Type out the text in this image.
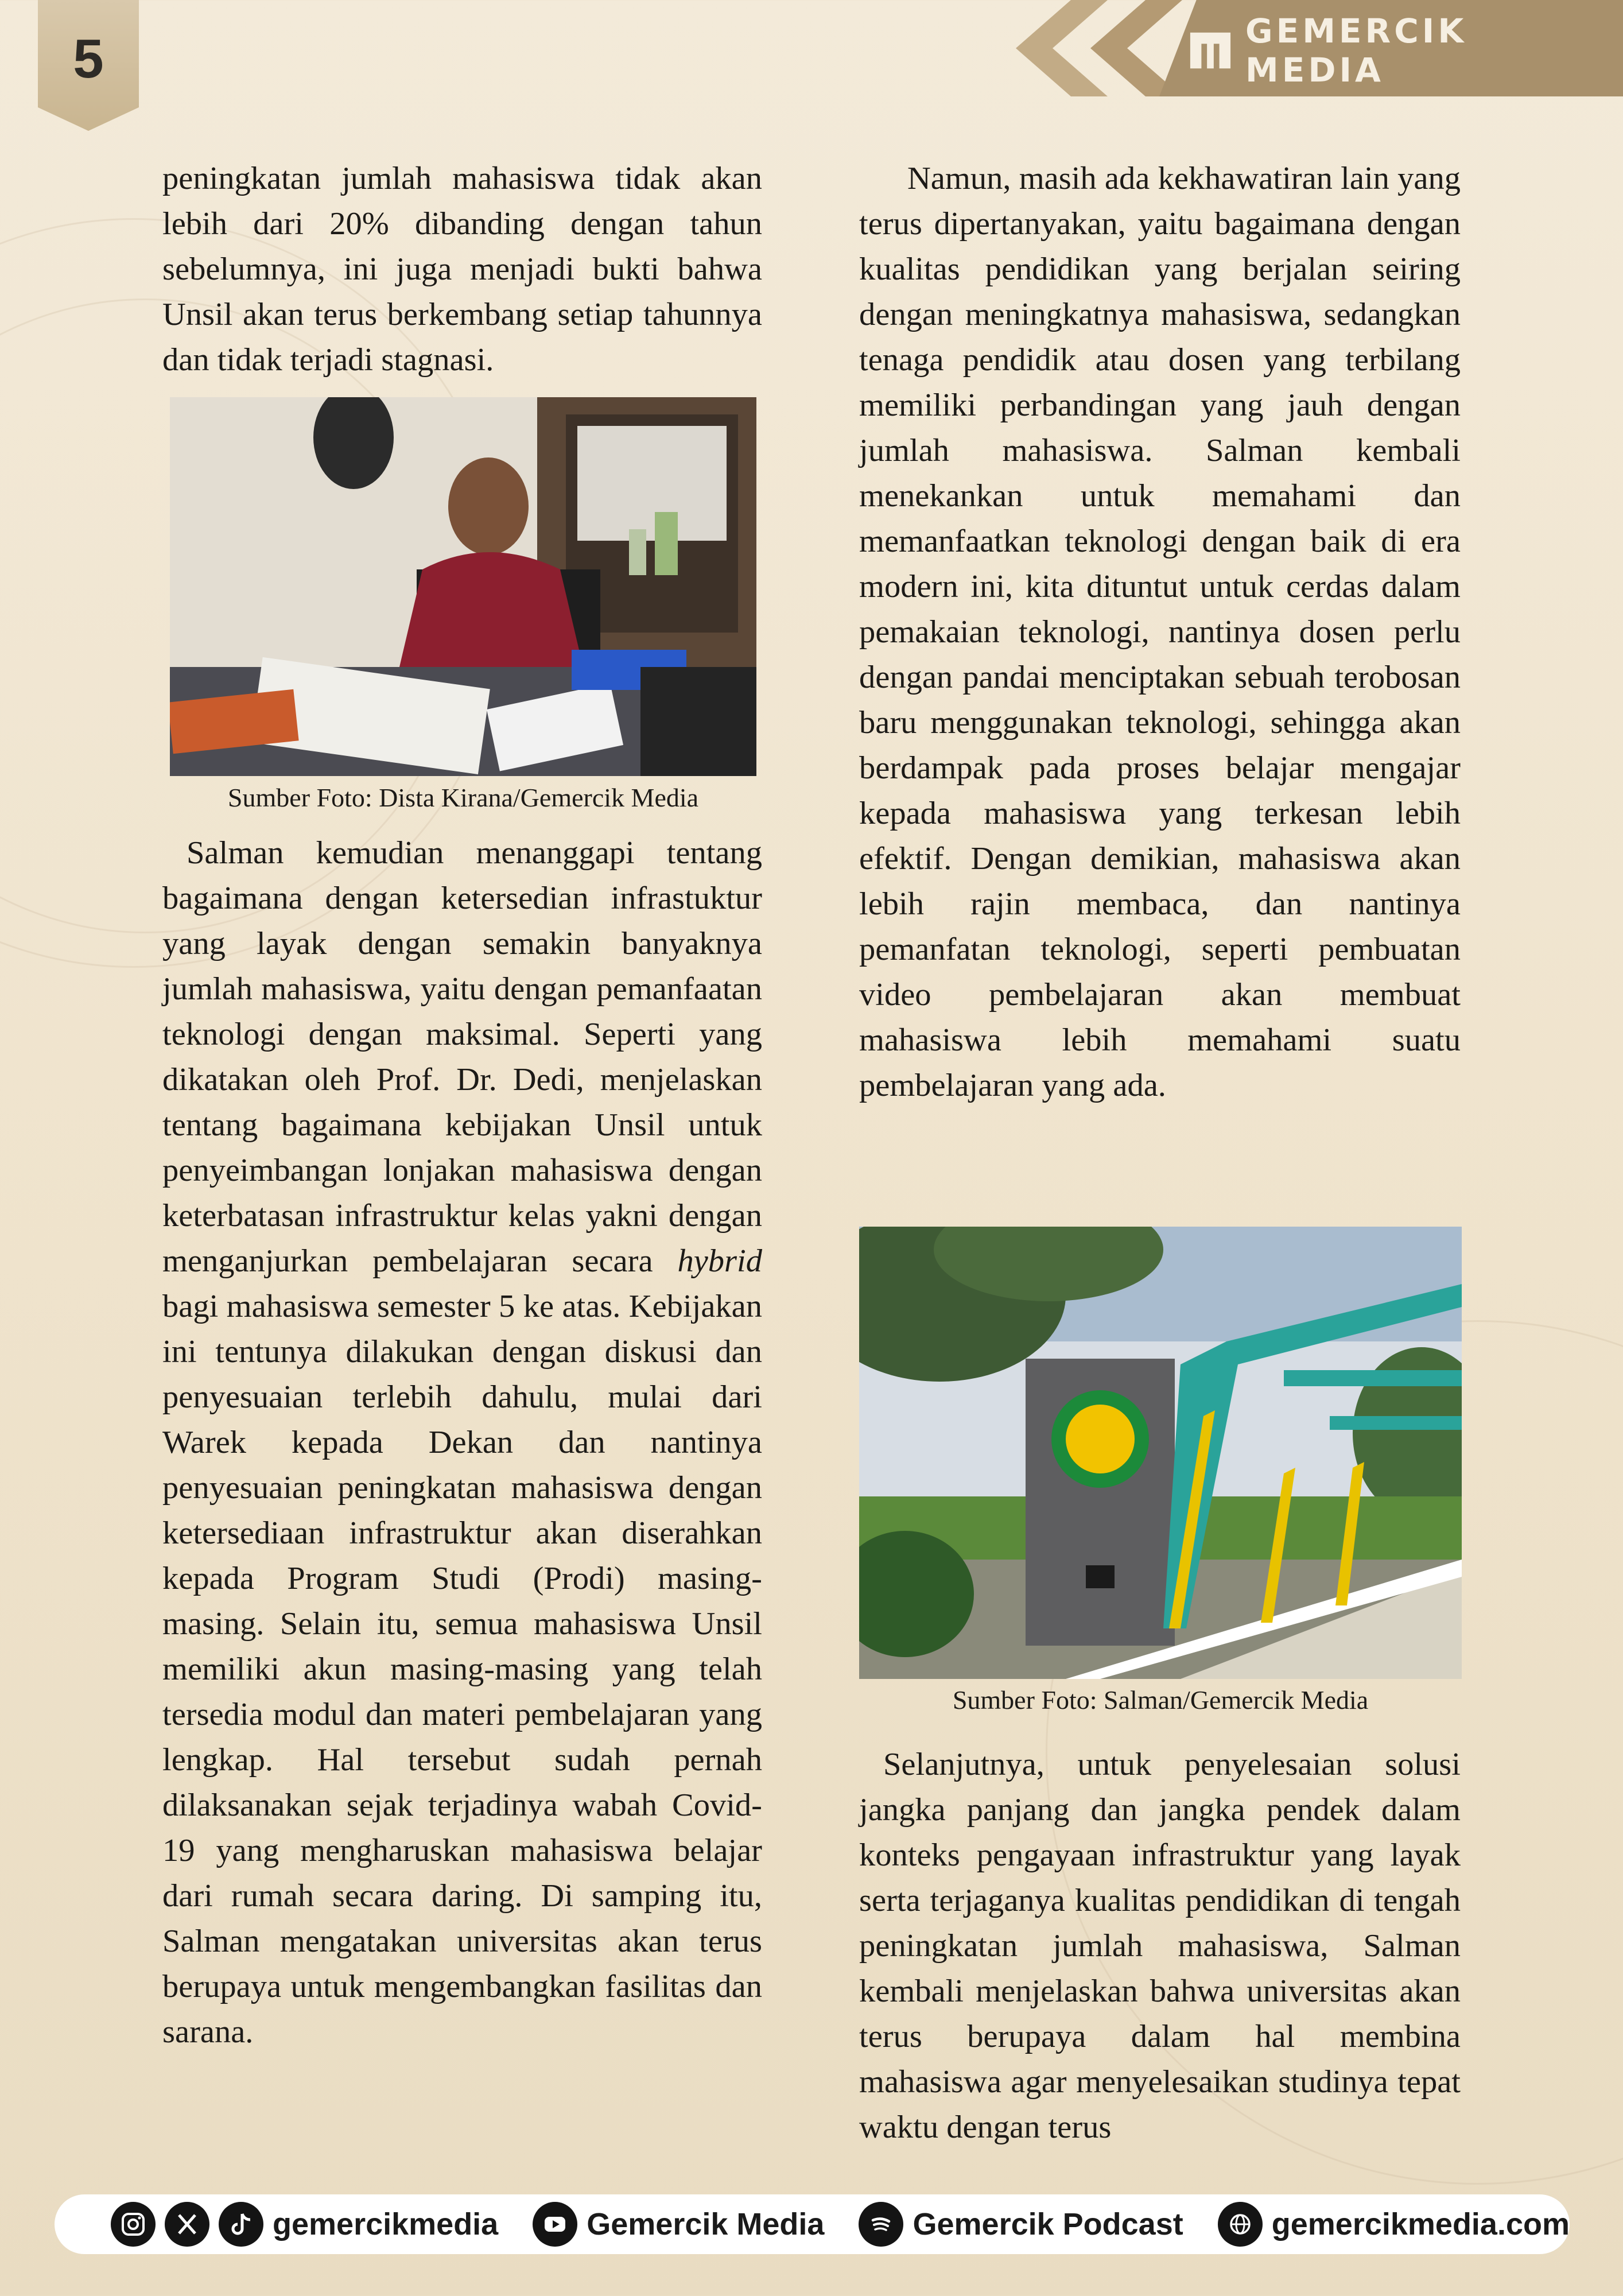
5	GEMERCIK MEDIA

peningkatan jumlah mahasiswa tidak akan lebih dari 20% dibanding dengan tahun sebelumnya, ini juga menjadi bukti bahwa Unsil akan terus berkembang setiap tahunnya dan tidak terjadi stagnasi.

Sumber Foto: Dista Kirana/Gemercik Media

Salman kemudian menanggapi tentang bagaimana dengan ketersedian infrastuktur yang layak dengan semakin banyaknya jumlah mahasiswa, yaitu dengan pemanfaatan teknologi dengan maksimal. Seperti yang dikatakan oleh Prof. Dr. Dedi, menjelaskan tentang bagaimana kebijakan Unsil untuk penyeimbangan lonjakan mahasiswa dengan keterbatasan infrastruktur kelas yakni dengan menganjurkan pembelajaran secara hybrid bagi mahasiswa semester 5 ke atas. Kebijakan ini tentunya dilakukan dengan diskusi dan penyesuaian terlebih dahulu, mulai dari Warek kepada Dekan dan nantinya penyesuaian peningkatan mahasiswa dengan ketersediaan infrastruktur akan diserahkan kepada Program Studi (Prodi) masing-masing. Selain itu, semua mahasiswa Unsil memiliki akun masing-masing yang telah tersedia modul dan materi pembelajaran yang lengkap. Hal tersebut sudah pernah dilaksanakan sejak terjadinya wabah Covid-19 yang mengharuskan mahasiswa belajar dari rumah secara daring. Di samping itu, Salman mengatakan universitas akan terus berupaya untuk mengembangkan fasilitas dan sarana.

Namun, masih ada kekhawatiran lain yang terus dipertanyakan, yaitu bagaimana dengan kualitas pendidikan yang berjalan seiring dengan meningkatnya mahasiswa, sedangkan tenaga pendidik atau dosen yang terbilang memiliki perbandingan yang jauh dengan jumlah mahasiswa. Salman kembali menekankan untuk memahami dan memanfaatkan teknologi dengan baik di era modern ini, kita dituntut untuk cerdas dalam pemakaian teknologi, nantinya dosen perlu dengan pandai menciptakan sebuah terobosan baru menggunakan teknologi, sehingga akan berdampak pada proses belajar mengajar kepada mahasiswa yang terkesan lebih efektif. Dengan demikian, mahasiswa akan lebih rajin membaca, dan nantinya pemanfatan teknologi, seperti pembuatan video pembelajaran akan membuat mahasiswa lebih memahami suatu pembelajaran yang ada.

Sumber Foto: Salman/Gemercik Media

Selanjutnya, untuk penyelesaian solusi jangka panjang dan jangka pendek dalam konteks pengayaan infrastruktur yang layak serta terjaganya kualitas pendidikan di tengah peningkatan jumlah mahasiswa, Salman kembali menjelaskan bahwa universitas akan terus berupaya dalam hal membina mahasiswa agar menyelesaikan studinya tepat waktu dengan terus

gemercikmedia	Gemercik Media	Gemercik Podcast	gemercikmedia.com
